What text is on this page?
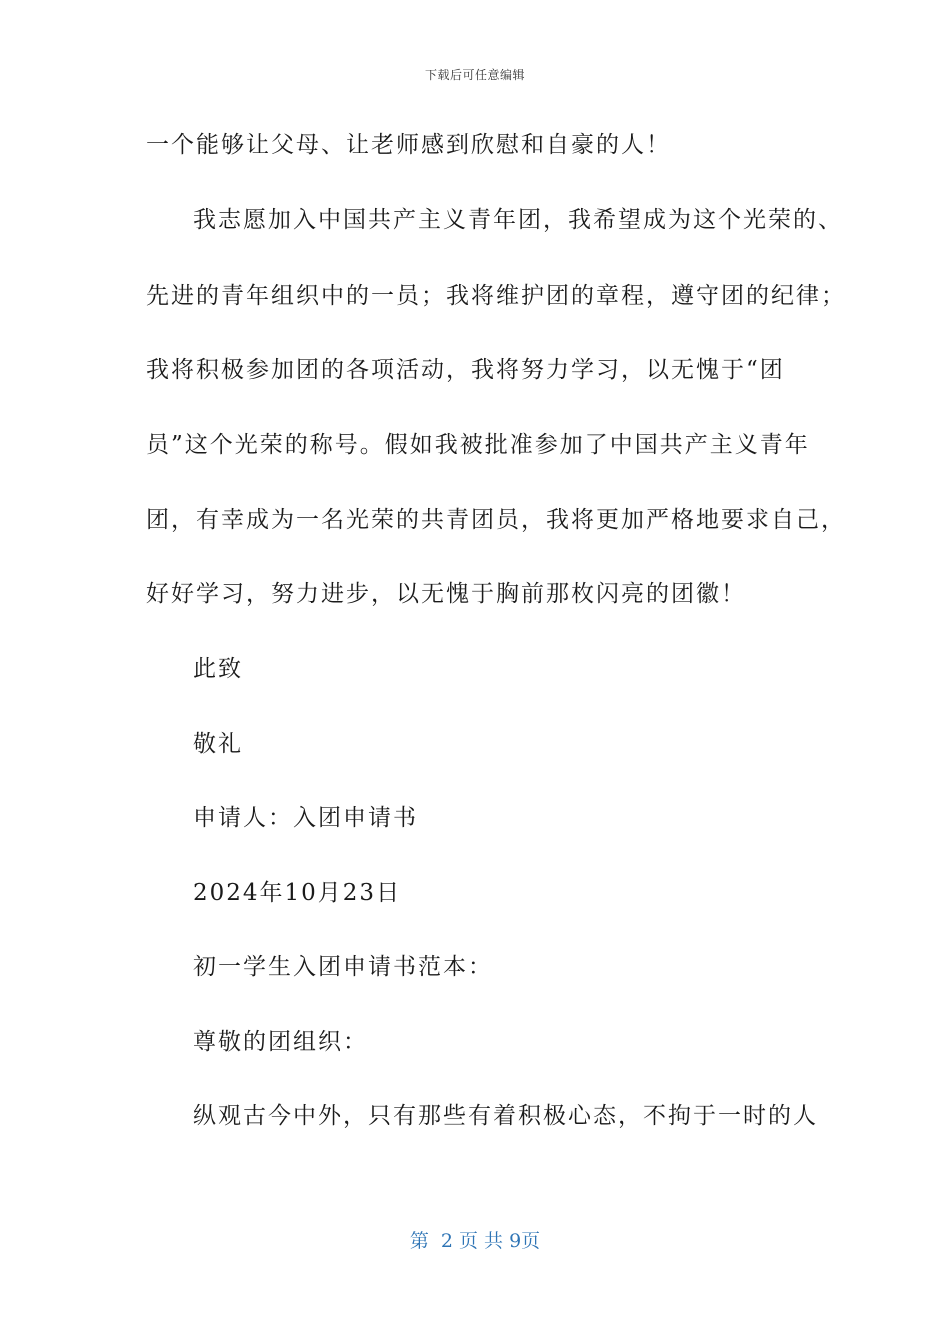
下载后可任意编辑
一个能够让父母、让老师感到欣慰和自豪的人！
我志愿加入中国共产主义青年团，我希望成为这个光荣的、
先进的青年组织中的一员；我将维护团的章程，遵守团的纪律；
我将积极参加团的各项活动，我将努力学习，以无愧于“团
员”这个光荣的称号。假如我被批准参加了中国共产主义青年
团，有幸成为一名光荣的共青团员，我将更加严格地要求自己，
好好学习，努力进步，以无愧于胸前那枚闪亮的团徽！
此致
敬礼
申请人：入团申请书
2024年10月23日
初一学生入团申请书范本：
尊敬的团组织：
纵观古今中外，只有那些有着积极心态，不拘于一时的人
第  2 页 共 9页
